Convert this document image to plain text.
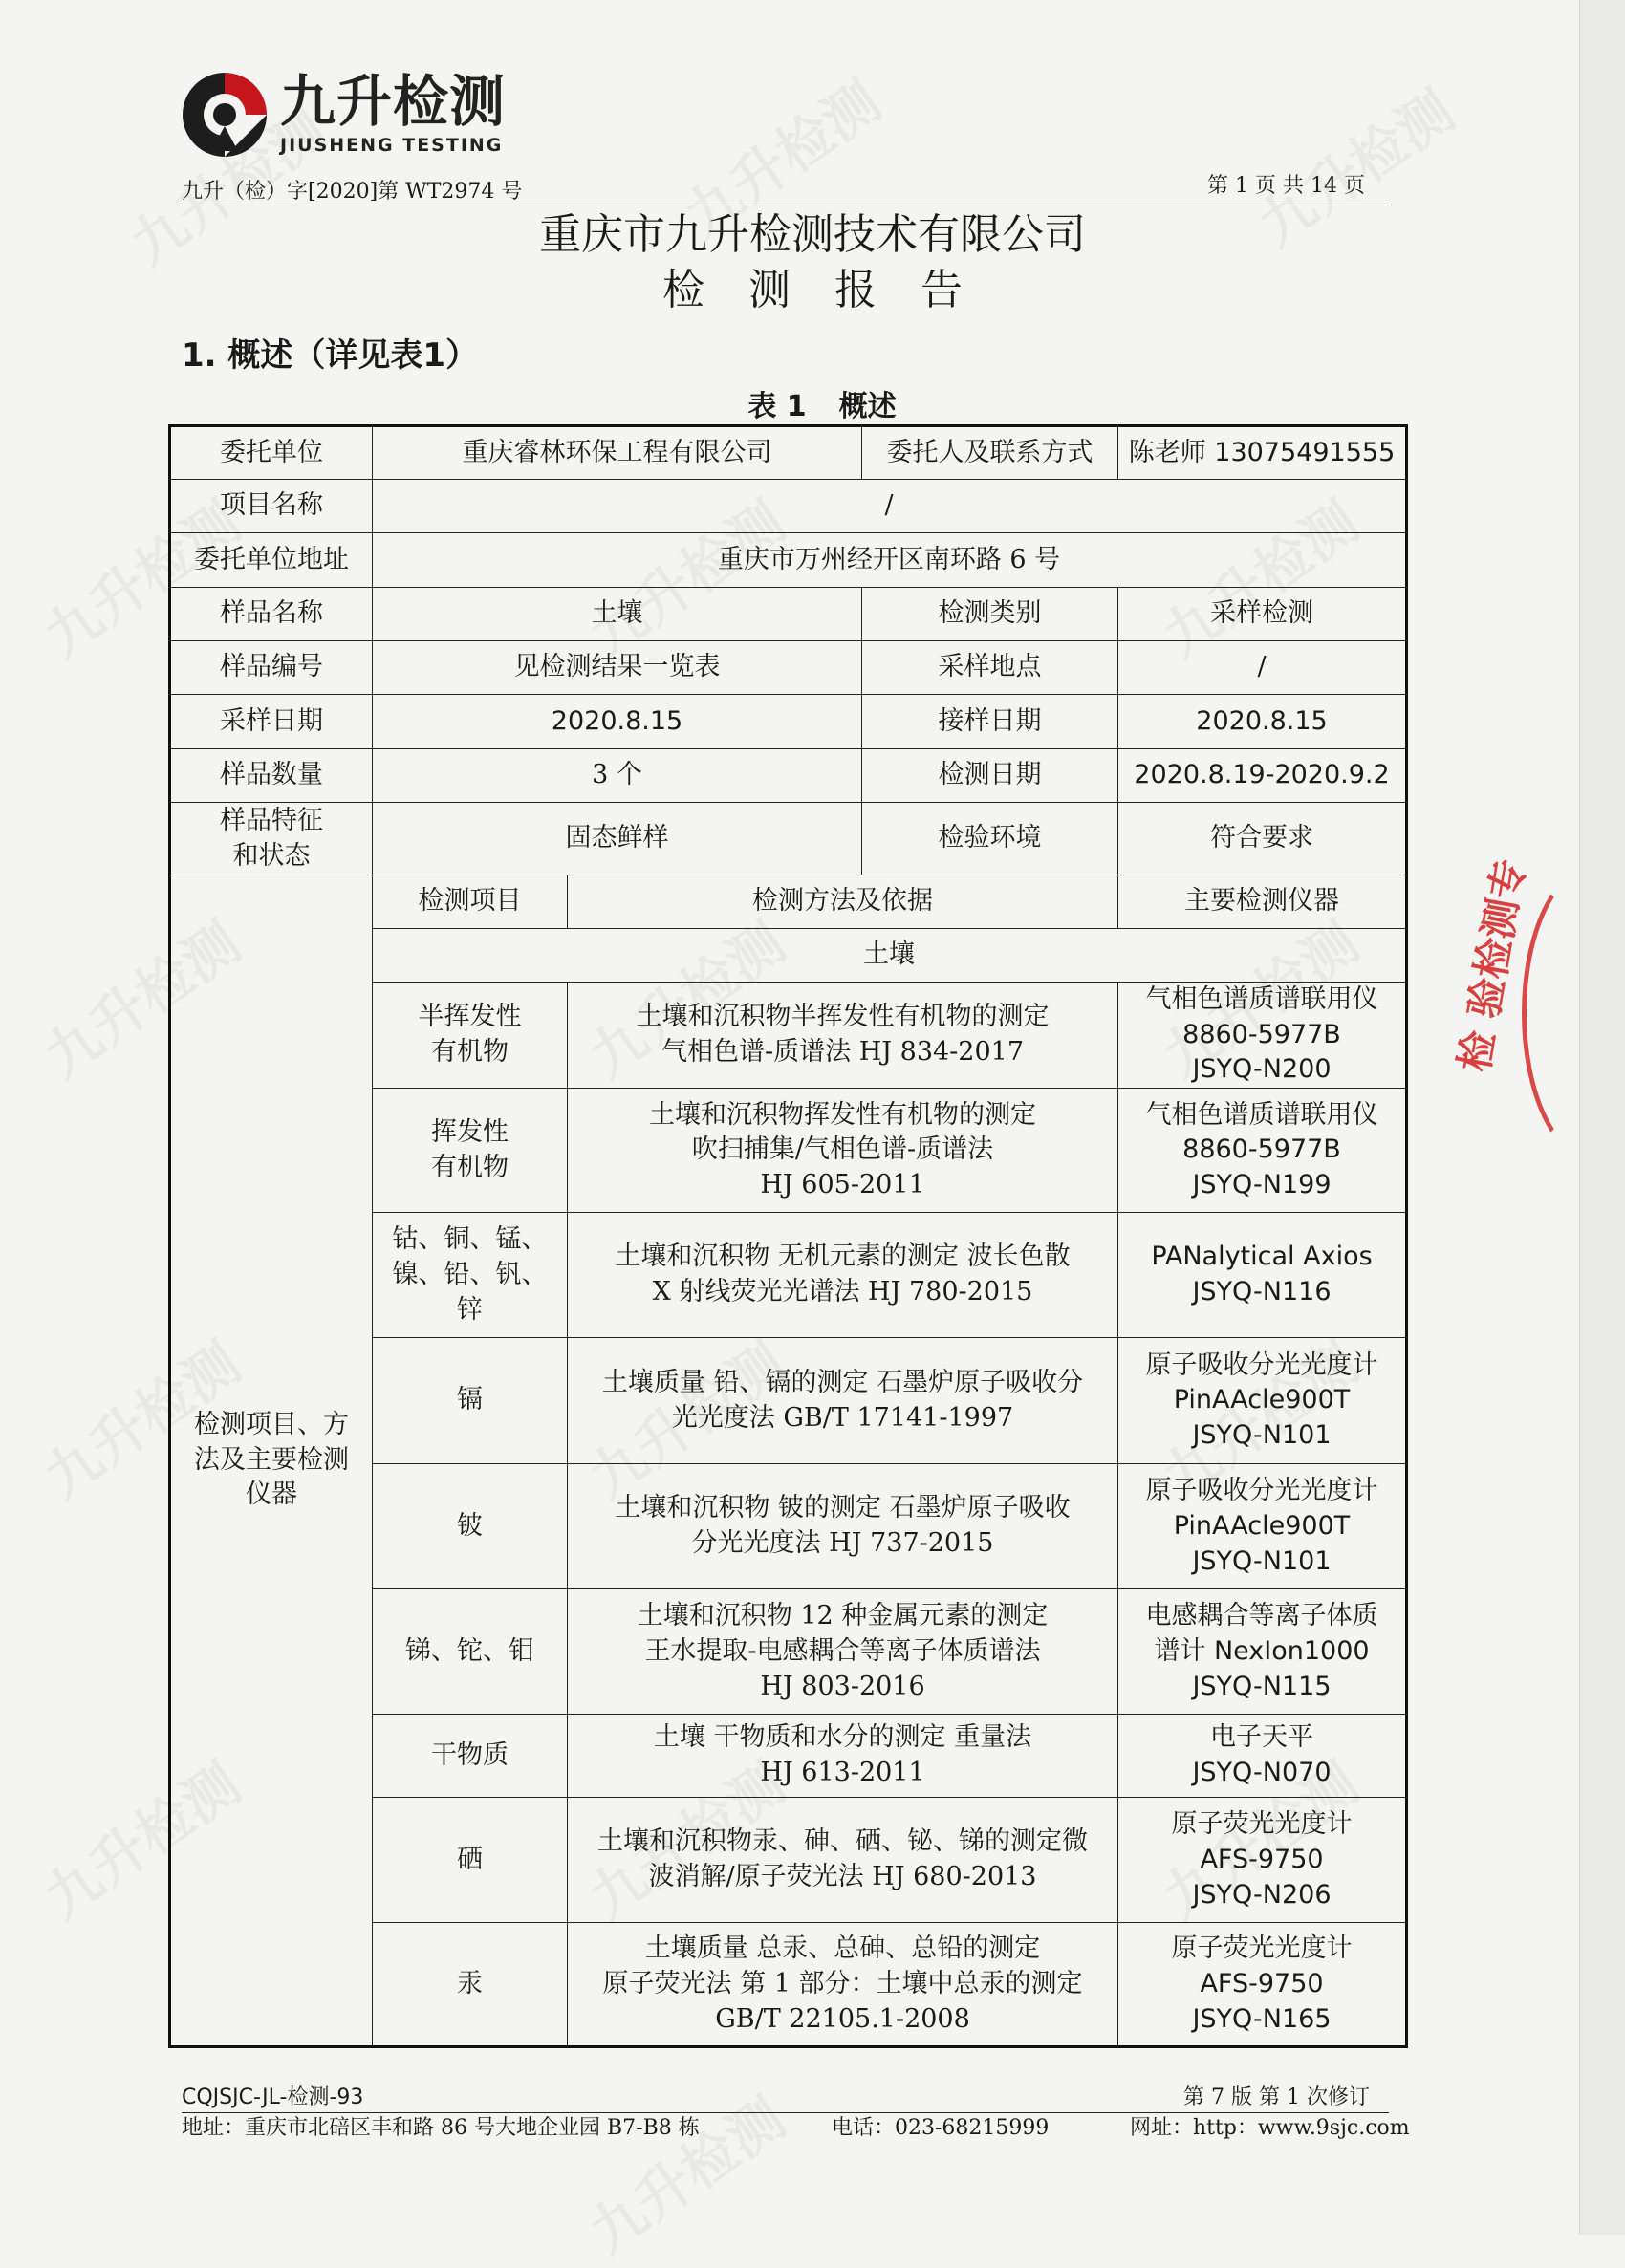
九升检测
JIUSHENG TESTING
九升（检）字[2020]第 WT2974 号	第 1 页 共 14 页
重庆市九升检测技术有限公司
检测报告
1. 概述（详见表1）
表 1 概述
委托单位	重庆睿林环保工程有限公司		委托人及联系方式	陈老师 13075491555
项目名称	/			
委托单位地址	重庆市万州经开区南环路 6 号			
样品名称	土壤		检测类别	采样检测
样品编号	见检测结果一览表		采样地点	/
采样日期	2020.8.15		接样日期	2020.8.15
样品数量	3 个		检测日期	2020.8.19-2020.9.2
样品特征
和状态	固态鲜样		检验环境	符合要求
检测项目、方
法及主要检测
仪器	检测项目	检测方法及依据		主要检测仪器
	土壤			
	半挥发性
有机物	土壤和沉积物半挥发性有机物的测定
气相色谱-质谱法 HJ 834-2017		气相色谱质谱联用仪
8860-5977B
JSYQ-N200
	挥发性
有机物	土壤和沉积物挥发性有机物的测定
吹扫捕集/气相色谱-质谱法
HJ 605-2011		气相色谱质谱联用仪
8860-5977B
JSYQ-N199
	钴、铜、锰、
镍、铅、钒、
锌	土壤和沉积物 无机元素的测定 波长色散
X 射线荧光光谱法 HJ 780-2015		PANalytical Axios
JSYQ-N116
	镉	土壤质量 铅、镉的测定 石墨炉原子吸收分
光光度法 GB/T 17141-1997		原子吸收分光光度计
PinAAcle900T
JSYQ-N101
	铍	土壤和沉积物 铍的测定 石墨炉原子吸收
分光光度法 HJ 737-2015		原子吸收分光光度计
PinAAcle900T
JSYQ-N101
	锑、铊、钼	土壤和沉积物 12 种金属元素的测定
王水提取-电感耦合等离子体质谱法
HJ 803-2016		电感耦合等离子体质
谱计 NexIon1000
JSYQ-N115
	干物质	土壤 干物质和水分的测定 重量法
HJ 613-2011		电子天平
JSYQ-N070
	硒	土壤和沉积物汞、砷、硒、铋、锑的测定微
波消解/原子荧光法 HJ 680-2013		原子荧光光度计
AFS-9750
JSYQ-N206
	汞	土壤质量 总汞、总砷、总铅的测定
原子荧光法 第 1 部分：土壤中总汞的测定
GB/T 22105.1-2008		原子荧光光度计
AFS-9750
JSYQ-N165
CQJSJC-JL-检测-93	第 7 版 第 1 次修订
地址：重庆市北碚区丰和路 86 号大地企业园 B7-B8 栋	电话：023-68215999	网址：http：www.9sjc.com
检 验检测专
